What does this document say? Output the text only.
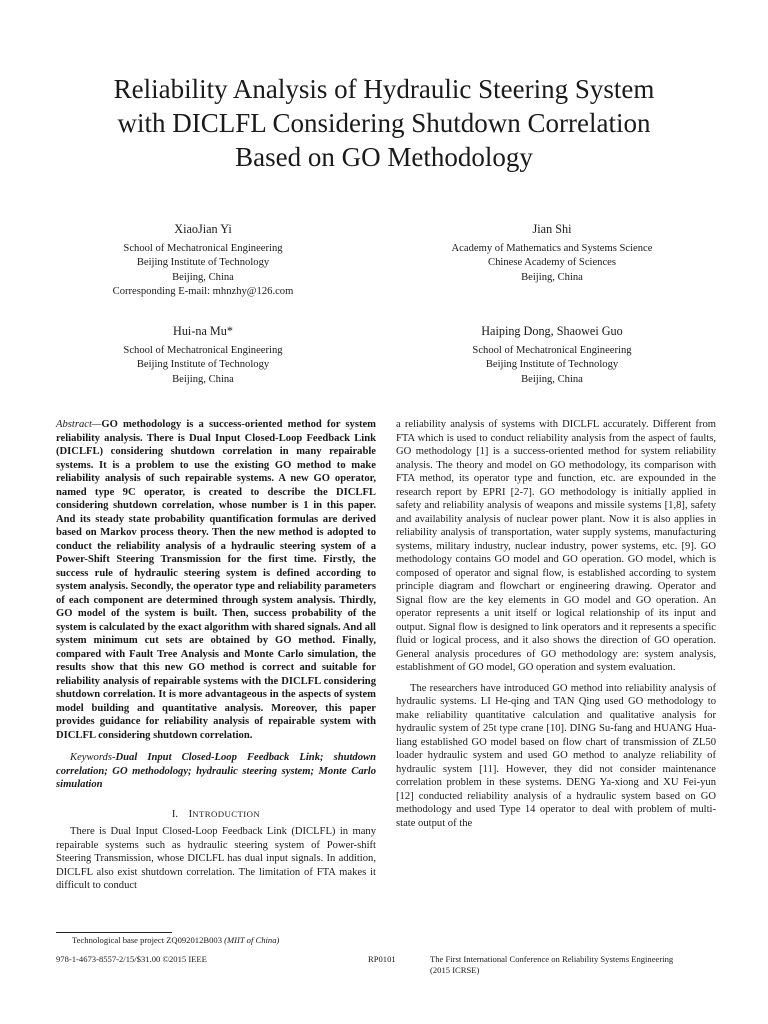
Reliability Analysis of Hydraulic Steering System
with DICLFL Considering Shutdown Correlation
Based on GO Methodology
XiaoJian Yi
School of Mechatronical Engineering
Beijing Institute of Technology
Beijing, China
Corresponding E-mail: mhnzhy@126.com
Jian Shi
Academy of Mathematics and Systems Science
Chinese Academy of Sciences
Beijing, China
Hui-na Mu*
School of Mechatronical Engineering
Beijing Institute of Technology
Beijing, China
Haiping Dong, Shaowei Guo
School of Mechatronical Engineering
Beijing Institute of Technology
Beijing, China

Abstract—GO methodology is a success-oriented method for system reliability analysis. There is Dual Input Closed-Loop Feedback Link (DICLFL) considering shutdown correlation in many repairable systems. It is a problem to use the existing GO method to make reliability analysis of such repairable systems. A new GO operator, named type 9C operator, is created to describe the DICLFL considering shutdown correlation, whose number is 1 in this paper. And its steady state probability quantification formulas are derived based on Markov process theory. Then the new method is adopted to conduct the reliability analysis of a hydraulic steering system of a Power-Shift Steering Transmission for the first time. Firstly, the success rule of hydraulic steering system is defined according to system analysis. Secondly, the operator type and reliability parameters of each component are determined through system analysis. Thirdly, GO model of the system is built. Then, success probability of the system is calculated by the exact algorithm with shared signals. And all system minimum cut sets are obtained by GO method. Finally, compared with Fault Tree Analysis and Monte Carlo simulation, the results show that this new GO method is correct and suitable for reliability analysis of repairable systems with the DICLFL considering shutdown correlation. It is more advantageous in the aspects of system model building and quantitative analysis. Moreover, this paper provides guidance for reliability analysis of repairable system with DICLFL considering shutdown correlation.

Keywords-Dual Input Closed-Loop Feedback Link; shutdown correlation; GO methodology; hydraulic steering system; Monte Carlo simulation

I. INTRODUCTION

There is Dual Input Closed-Loop Feedback Link (DICLFL) in many repairable systems such as hydraulic steering system of Power-shift Steering Transmission, whose DICLFL has dual input signals. In addition, DICLFL also exist shutdown correlation. The limitation of FTA makes it difficult to conduct

a reliability analysis of systems with DICLFL accurately. Different from FTA which is used to conduct reliability analysis from the aspect of faults, GO methodology [1] is a success-oriented method for system reliability analysis. The theory and model on GO methodology, its comparison with FTA method, its operator type and function, etc. are expounded in the research report by EPRI [2-7]. GO methodology is initially applied in safety and reliability analysis of weapons and missile systems [1,8], safety and availability analysis of nuclear power plant. Now it is also applies in reliability analysis of transportation, water supply systems, manufacturing systems, military industry, nuclear industry, power systems, etc. [9]. GO methodology contains GO model and GO operation. GO model, which is composed of operator and signal flow, is established according to system principle diagram and flowchart or engineering drawing. Operator and Signal flow are the key elements in GO model and GO operation. An operator represents a unit itself or logical relationship of its input and output. Signal flow is designed to link operators and it represents a specific fluid or logical process, and it also shows the direction of GO operation. General analysis procedures of GO methodology are: system analysis, establishment of GO model, GO operation and system evaluation.

The researchers have introduced GO method into reliability analysis of hydraulic systems. LI He-qing and TAN Qing used GO methodology to make reliability quantitative calculation and qualitative analysis for hydraulic system of 25t type crane [10]. DING Su-fang and HUANG Hua-liang established GO model based on flow chart of transmission of ZL50 loader hydraulic system and used GO method to analyze reliability of hydraulic system [11]. However, they did not consider maintenance correlation problem in these systems. DENG Ya-xiong and XU Fei-yun [12] conducted reliability analysis of a hydraulic system based on GO methodology and used Type 14 operator to deal with problem of multi-state output of the

Technological base project ZQ092012B003 (MIIT of China)
978-1-4673-8557-2/15/$31.00 ©2015 IEEE	RP0101	The First International Conference on Reliability Systems Engineering
(2015 ICRSE)
